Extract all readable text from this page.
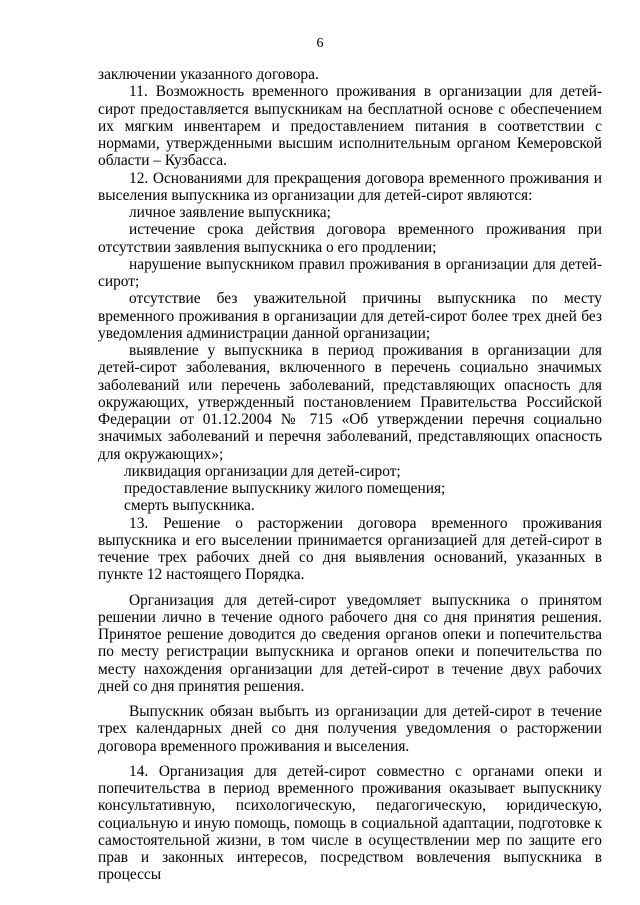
6

заключении указанного договора.

11. Возможность временного проживания в организации для детей-сирот предоставляется выпускникам на бесплатной основе с обеспечением их мягким инвентарем и предоставлением питания в соответствии с нормами, утвержденными высшим исполнительным органом Кемеровской области – Кузбасса.

12. Основаниями для прекращения договора временного проживания и выселения выпускника из организации для детей-сирот являются:

личное заявление выпускника;

истечение срока действия договора временного проживания при отсутствии заявления выпускника о его продлении;

нарушение выпускником правил проживания в организации для детей-сирот;

отсутствие без уважительной причины выпускника по месту временного проживания в организации для детей-сирот более трех дней без уведомления администрации данной организации;

выявление у выпускника в период проживания в организации для детей-сирот заболевания, включенного в перечень социально значимых заболеваний или перечень заболеваний, представляющих опасность для окружающих, утвержденный постановлением Правительства Российской Федерации от 01.12.2004 № 715 «Об утверждении перечня социально значимых заболеваний и перечня заболеваний, представляющих опасность для окружающих»;

ликвидация организации для детей-сирот;

предоставление выпускнику жилого помещения;

смерть выпускника.

13. Решение о расторжении договора временного проживания выпускника и его выселении принимается организацией для детей-сирот в течение трех рабочих дней со дня выявления оснований, указанных в пункте 12 настоящего Порядка.

Организация для детей-сирот уведомляет выпускника о принятом решении лично в течение одного рабочего дня со дня принятия решения. Принятое решение доводится до сведения органов опеки и попечительства по месту регистрации выпускника и органов опеки и попечительства по месту нахождения организации для детей-сирот в течение двух рабочих дней со дня принятия решения.

Выпускник обязан выбыть из организации для детей-сирот в течение трех календарных дней со дня получения уведомления о расторжении договора временного проживания и выселения.

14. Организация для детей-сирот совместно с органами опеки и попечительства в период временного проживания оказывает выпускнику консультативную, психологическую, педагогическую, юридическую, социальную и иную помощь, помощь в социальной адаптации, подготовке к самостоятельной жизни, в том числе в осуществлении мер по защите его прав и законных интересов, посредством вовлечения выпускника в процессы
